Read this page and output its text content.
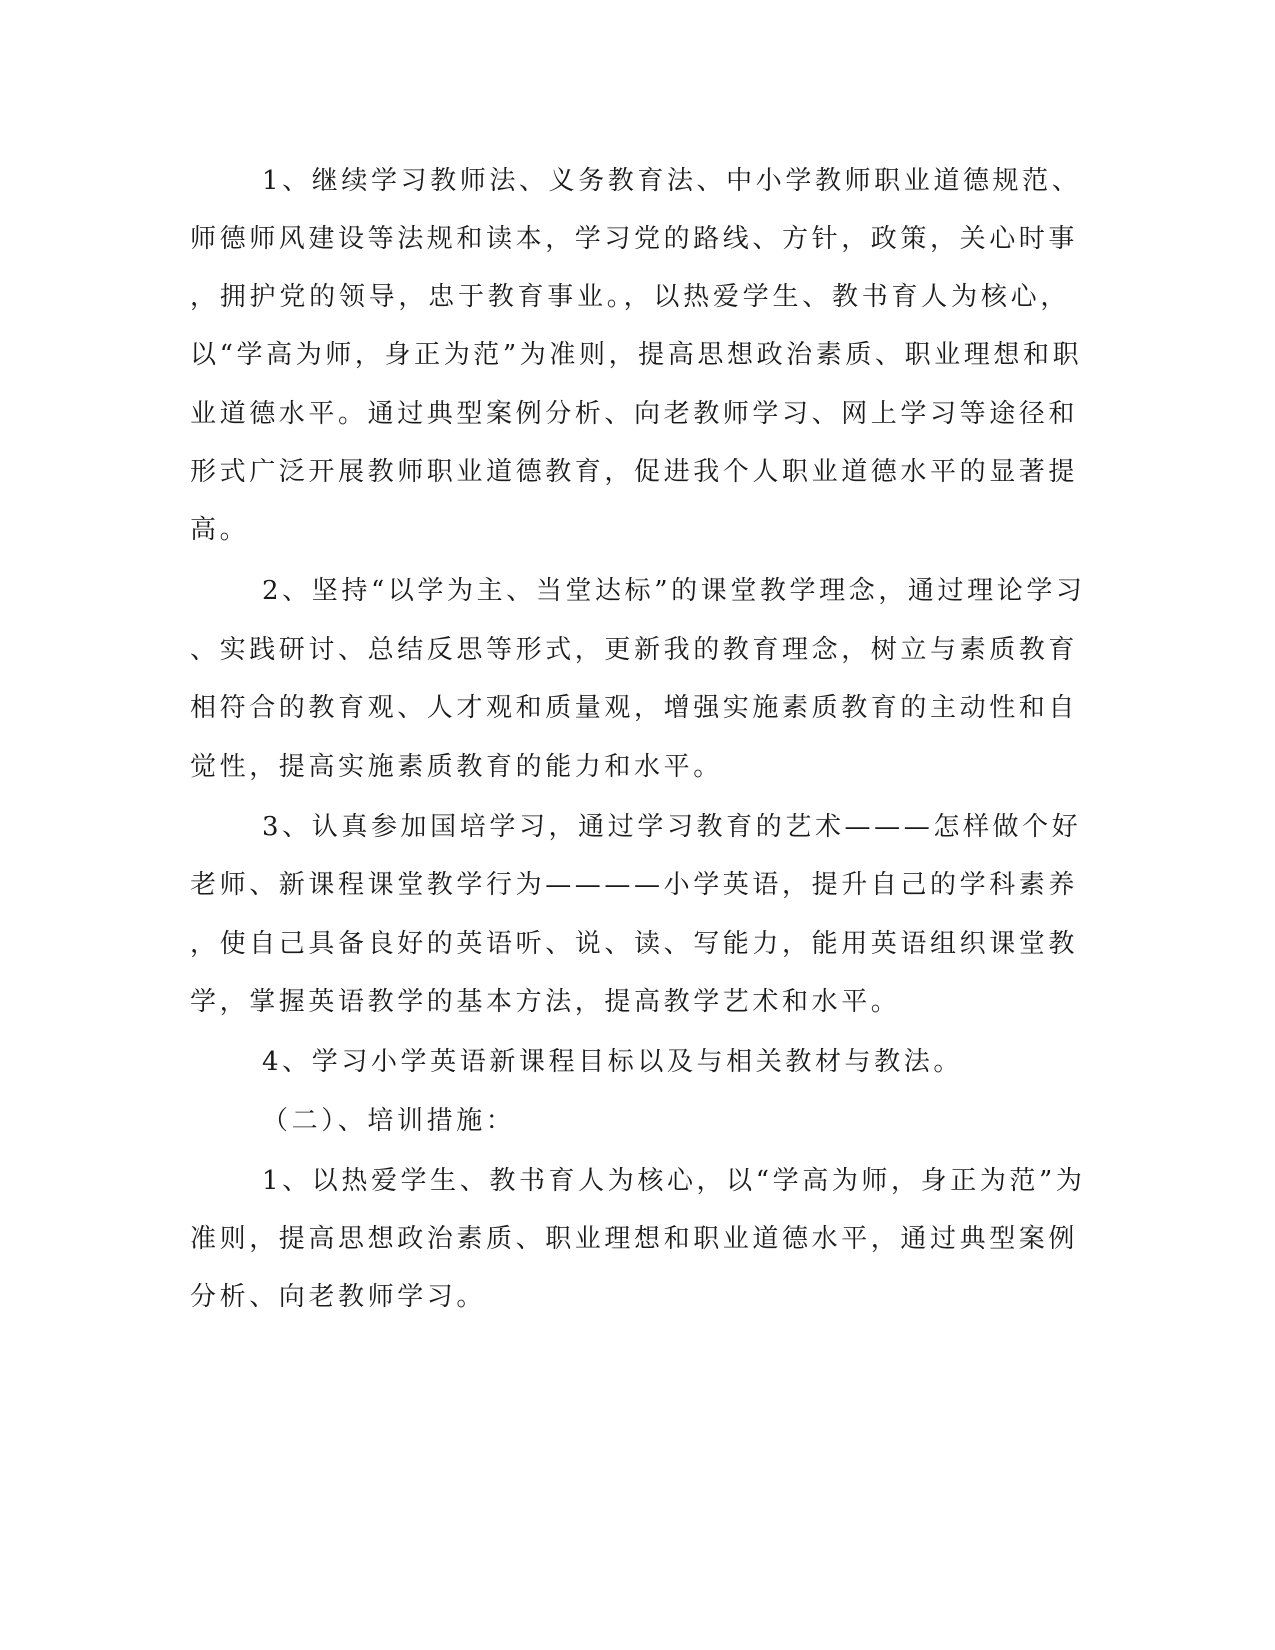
1、继续学习教师法、义务教育法、中小学教师职业道德规范、
师德师风建设等法规和读本，学习党的路线、方针，政策，关心时事
，拥护党的领导，忠于教育事业。，以热爱学生、教书育人为核心，
以“学高为师，身正为范”为准则，提高思想政治素质、职业理想和职
业道德水平。通过典型案例分析、向老教师学习、网上学习等途径和
形式广泛开展教师职业道德教育，促进我个人职业道德水平的显著提
高。
2、坚持“以学为主、当堂达标”的课堂教学理念，通过理论学习
、实践研讨、总结反思等形式，更新我的教育理念，树立与素质教育
相符合的教育观、人才观和质量观，增强实施素质教育的主动性和自
觉性，提高实施素质教育的能力和水平。
3、认真参加国培学习，通过学习教育的艺术———怎样做个好
老师、新课程课堂教学行为————小学英语，提升自己的学科素养
，使自己具备良好的英语听、说、读、写能力，能用英语组织课堂教
学，掌握英语教学的基本方法，提高教学艺术和水平。
4、学习小学英语新课程目标以及与相关教材与教法。
（二）、培训措施：
1、以热爱学生、教书育人为核心，以“学高为师，身正为范”为
准则，提高思想政治素质、职业理想和职业道德水平，通过典型案例
分析、向老教师学习。
